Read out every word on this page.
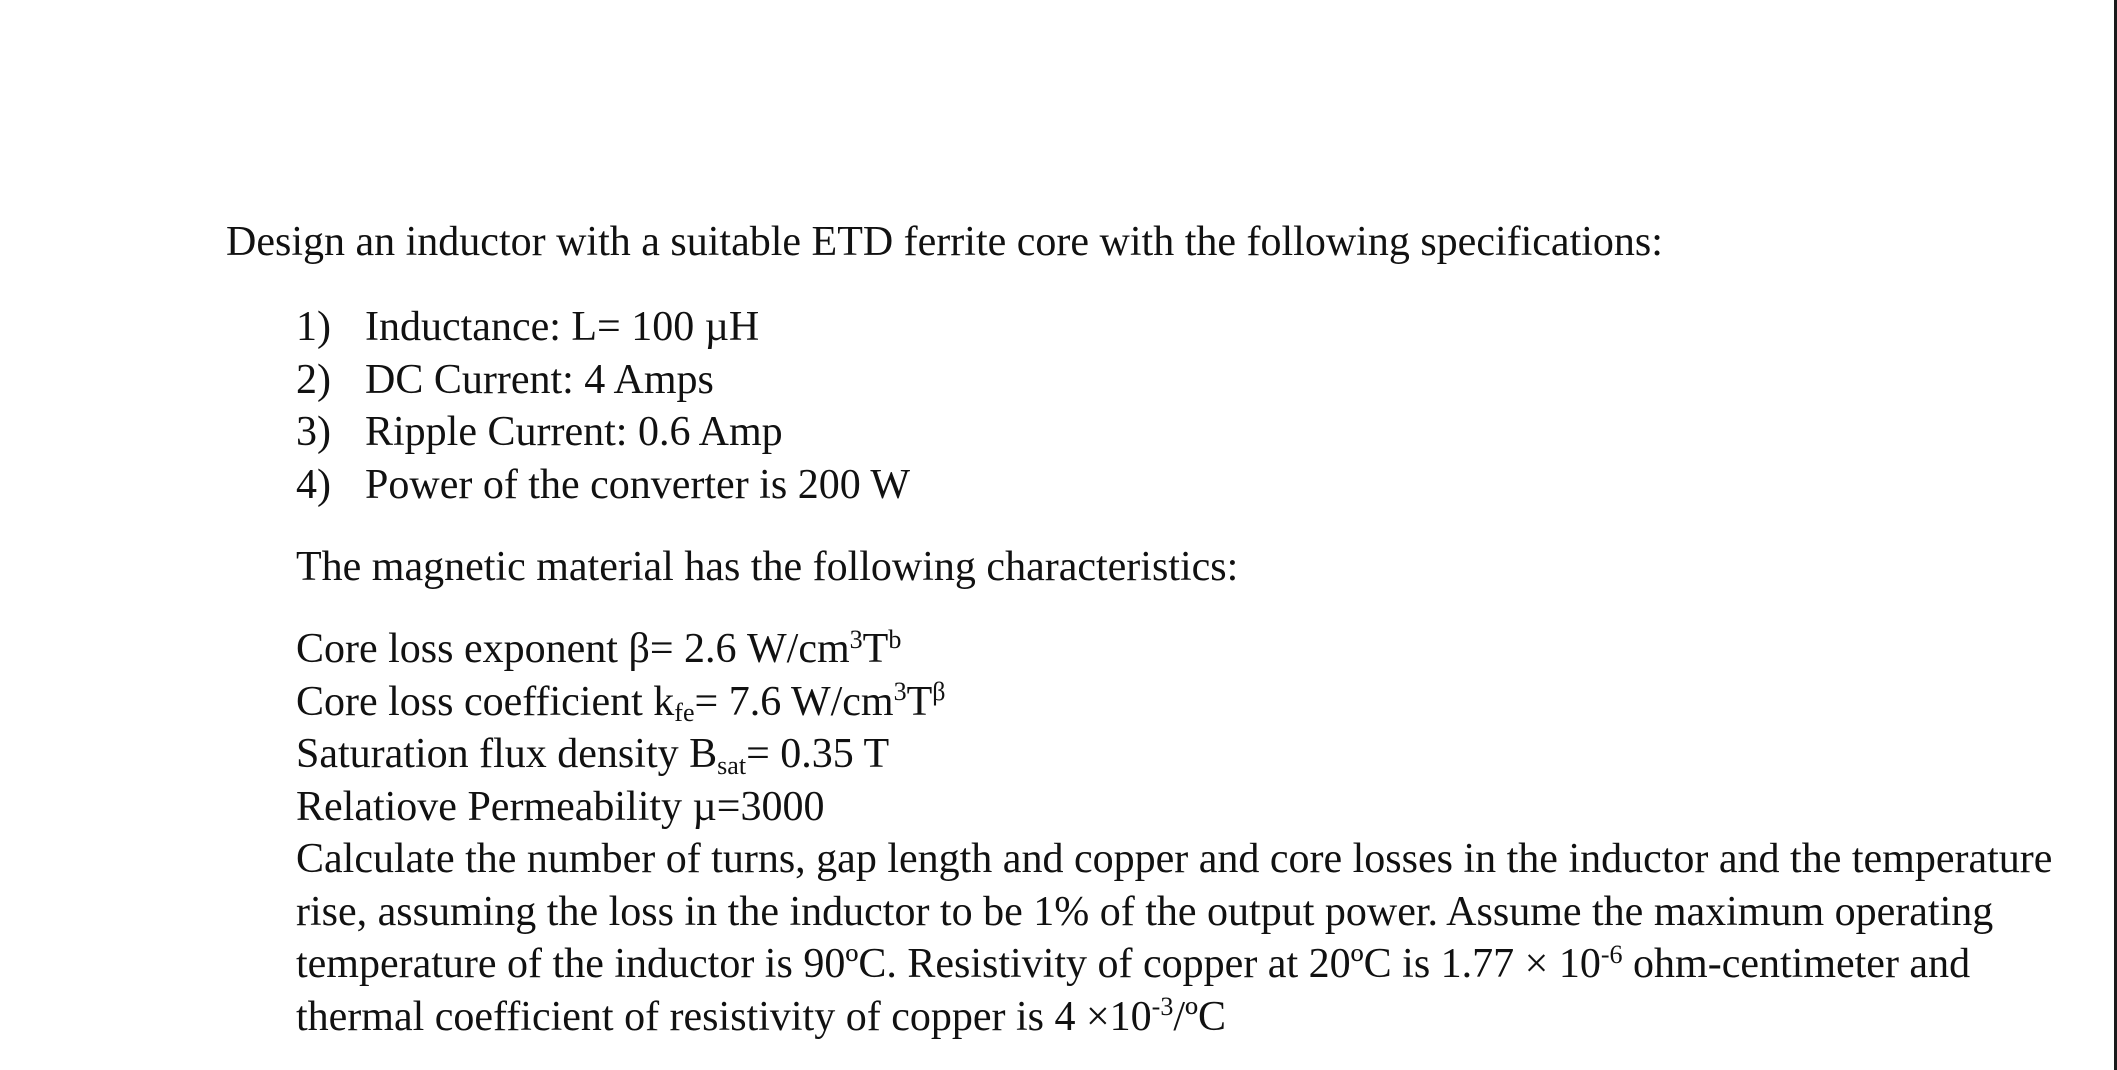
Design an inductor with a suitable ETD ferrite core with the following specifications:
1) Inductance: L= 100 µH
2) DC Current: 4 Amps
3) Ripple Current: 0.6 Amp
4) Power of the converter is 200 W
The magnetic material has the following characteristics:
Core loss exponent β= 2.6 $W/cm^3T^b$
Core loss coefficient $k_{fe}= 7.6$ $W/cm^3T^\beta$
Saturation flux density $B_{sat}= 0.35$ T
Relatiove Permeability µ=3000
Calculate the number of turns, gap length and copper and core losses in the inductor and the temperature
rise, assuming the loss in the inductor to be 1% of the output power. Assume the maximum operating
temperature of the inductor is 90ºC. Resistivity of copper at 20ºC is $1.77 \times 10^{-6}$ ohm-centimeter and
thermal coefficient of resistivity of copper is $4 \times 10^{-3}/ºC$
